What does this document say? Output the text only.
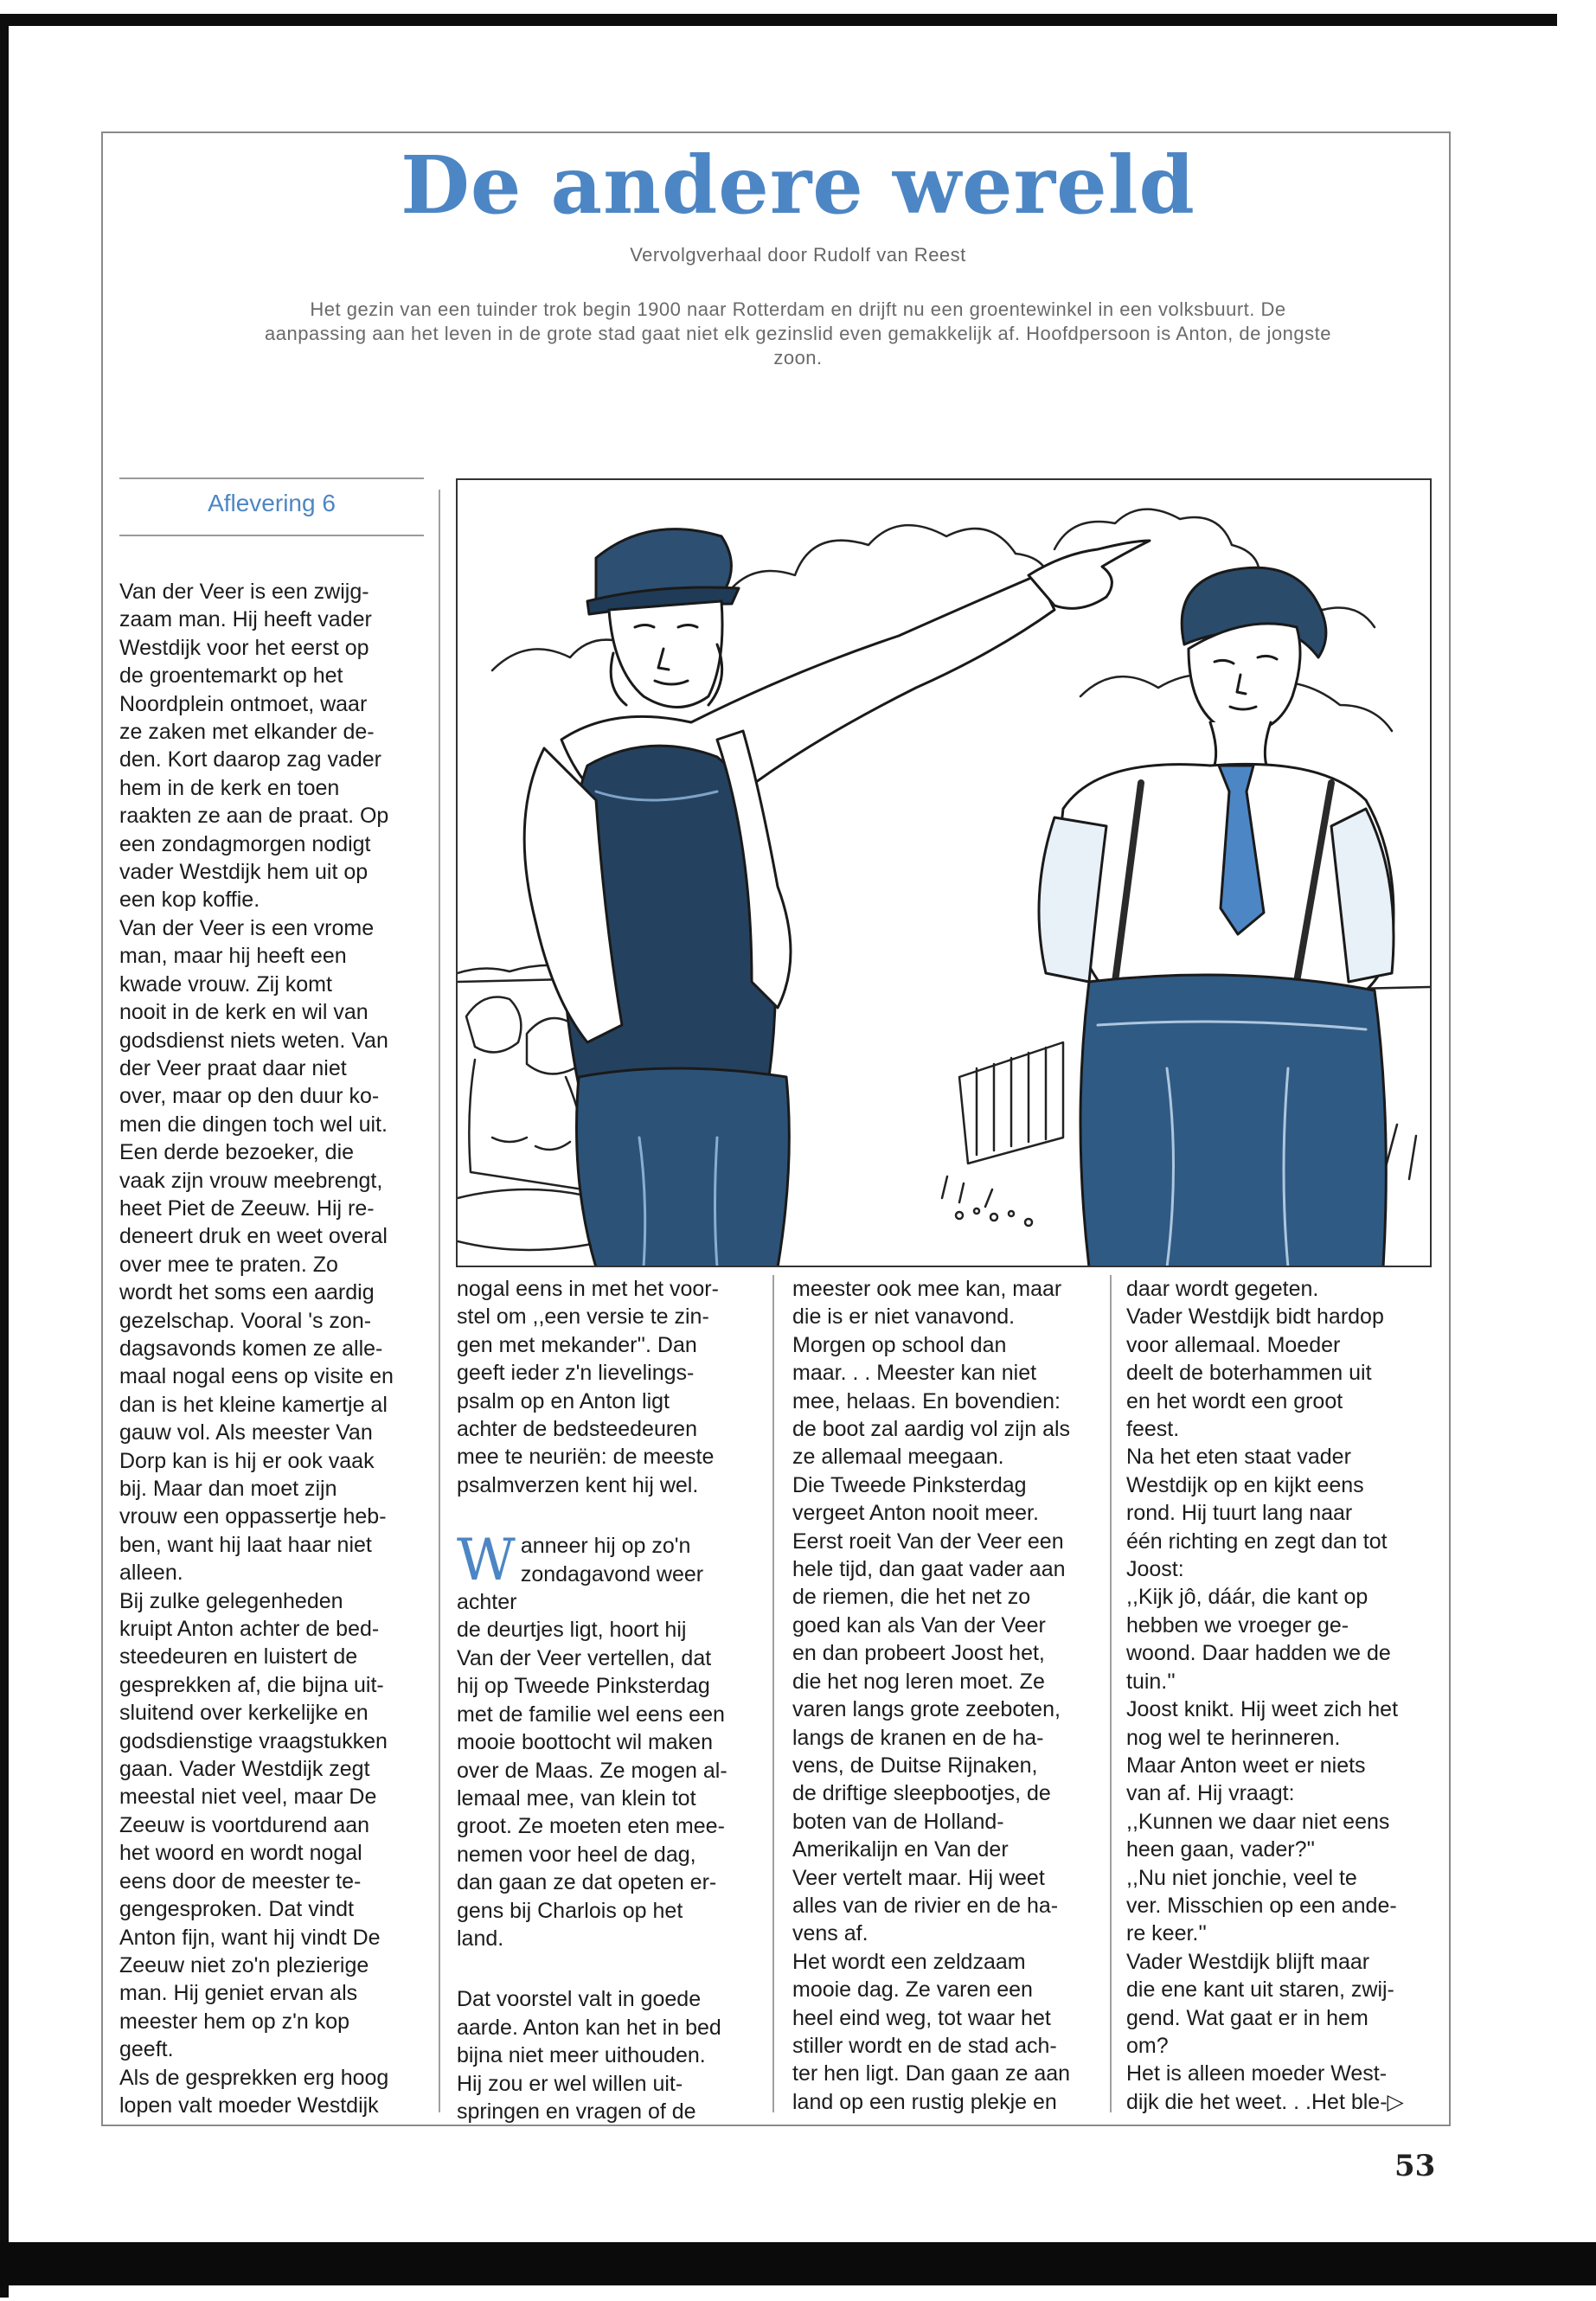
De andere wereld
Vervolgverhaal door Rudolf van Reest
Het gezin van een tuinder trok begin 1900 naar Rotterdam en drijft nu een groentewinkel in een volksbuurt. De aanpassing aan het leven in de grote stad gaat niet elk gezinslid even gemakkelijk af. Hoofdpersoon is Anton, de jongste zoon.
Aflevering 6

Van der Veer is een zwijg-
zaam man. Hij heeft vader
Westdijk voor het eerst op
de groentemarkt op het
Noordplein ontmoet, waar
ze zaken met elkander de-
den. Kort daarop zag vader
hem in de kerk en toen
raakten ze aan de praat. Op
een zondagmorgen nodigt
vader Westdijk hem uit op
een kop koffie.

Van der Veer is een vrome
man, maar hij heeft een
kwade vrouw. Zij komt
nooit in de kerk en wil van
godsdienst niets weten. Van
der Veer praat daar niet
over, maar op den duur ko-
men die dingen toch wel uit.
Een derde bezoeker, die
vaak zijn vrouw meebrengt,
heet Piet de Zeeuw. Hij re-
deneert druk en weet overal
over mee te praten. Zo
wordt het soms een aardig
gezelschap. Vooral 's zon-
dagsavonds komen ze alle-
maal nogal eens op visite en
dan is het kleine kamertje al
gauw vol. Als meester Van
Dorp kan is hij er ook vaak
bij. Maar dan moet zijn
vrouw een oppassertje heb-
ben, want hij laat haar niet
alleen.

Bij zulke gelegenheden
kruipt Anton achter de bed-
steedeuren en luistert de
gesprekken af, die bijna uit-
sluitend over kerkelijke en
godsdienstige vraagstukken
gaan. Vader Westdijk zegt
meestal niet veel, maar De
Zeeuw is voortdurend aan
het woord en wordt nogal
eens door de meester te-
gengesproken. Dat vindt
Anton fijn, want hij vindt De
Zeeuw niet zo'n plezierige
man. Hij geniet ervan als
meester hem op z'n kop
geeft.

Als de gesprekken erg hoog
lopen valt moeder Westdijk

nogal eens in met het voor-
stel om ,,een versie te zin-
gen met mekander''. Dan
geeft ieder z'n lievelings-
psalm op en Anton ligt
achter de bedsteedeuren
mee te neuriën: de meeste
psalmverzen kent hij wel.

W anneer hij op zo'n
zondagavond weer achter
de deurtjes ligt, hoort hij
Van der Veer vertellen, dat
hij op Tweede Pinksterdag
met de familie wel eens een
mooie boottocht wil maken
over de Maas. Ze mogen al-
lemaal mee, van klein tot
groot. Ze moeten eten mee-
nemen voor heel de dag,
dan gaan ze dat opeten er-
gens bij Charlois op het
land.

Dat voorstel valt in goede
aarde. Anton kan het in bed
bijna niet meer uithouden.
Hij zou er wel willen uit-
springen en vragen of de

meester ook mee kan, maar
die is er niet vanavond.
Morgen op school dan
maar. . . Meester kan niet
mee, helaas. En bovendien:
de boot zal aardig vol zijn als
ze allemaal meegaan.

Die Tweede Pinksterdag
vergeet Anton nooit meer.
Eerst roeit Van der Veer een
hele tijd, dan gaat vader aan
de riemen, die het net zo
goed kan als Van der Veer
en dan probeert Joost het,
die het nog leren moet. Ze
varen langs grote zeeboten,
langs de kranen en de ha-
vens, de Duitse Rijnaken,
de driftige sleepbootjes, de
boten van de Holland-
Amerikalijn en Van der
Veer vertelt maar. Hij weet
alles van de rivier en de ha-
vens af.

Het wordt een zeldzaam
mooie dag. Ze varen een
heel eind weg, tot waar het
stiller wordt en de stad ach-
ter hen ligt. Dan gaan ze aan
land op een rustig plekje en

daar wordt gegeten.
Vader Westdijk bidt hardop
voor allemaal. Moeder
deelt de boterhammen uit
en het wordt een groot
feest.

Na het eten staat vader
Westdijk op en kijkt eens
rond. Hij tuurt lang naar
één richting en zegt dan tot
Joost:

,,Kijk jô, dáár, die kant op
hebben we vroeger ge-
woond. Daar hadden we de
tuin.''

Joost knikt. Hij weet zich het
nog wel te herinneren.

Maar Anton weet er niets
van af. Hij vraagt:

,,Kunnen we daar niet eens
heen gaan, vader?''

,,Nu niet jonchie, veel te
ver. Misschien op een ande-
re keer.''

Vader Westdijk blijft maar
die ene kant uit staren, zwij-
gend. Wat gaat er in hem
om?

Het is alleen moeder West-
dijk die het weet. . .Het ble-▷

53
